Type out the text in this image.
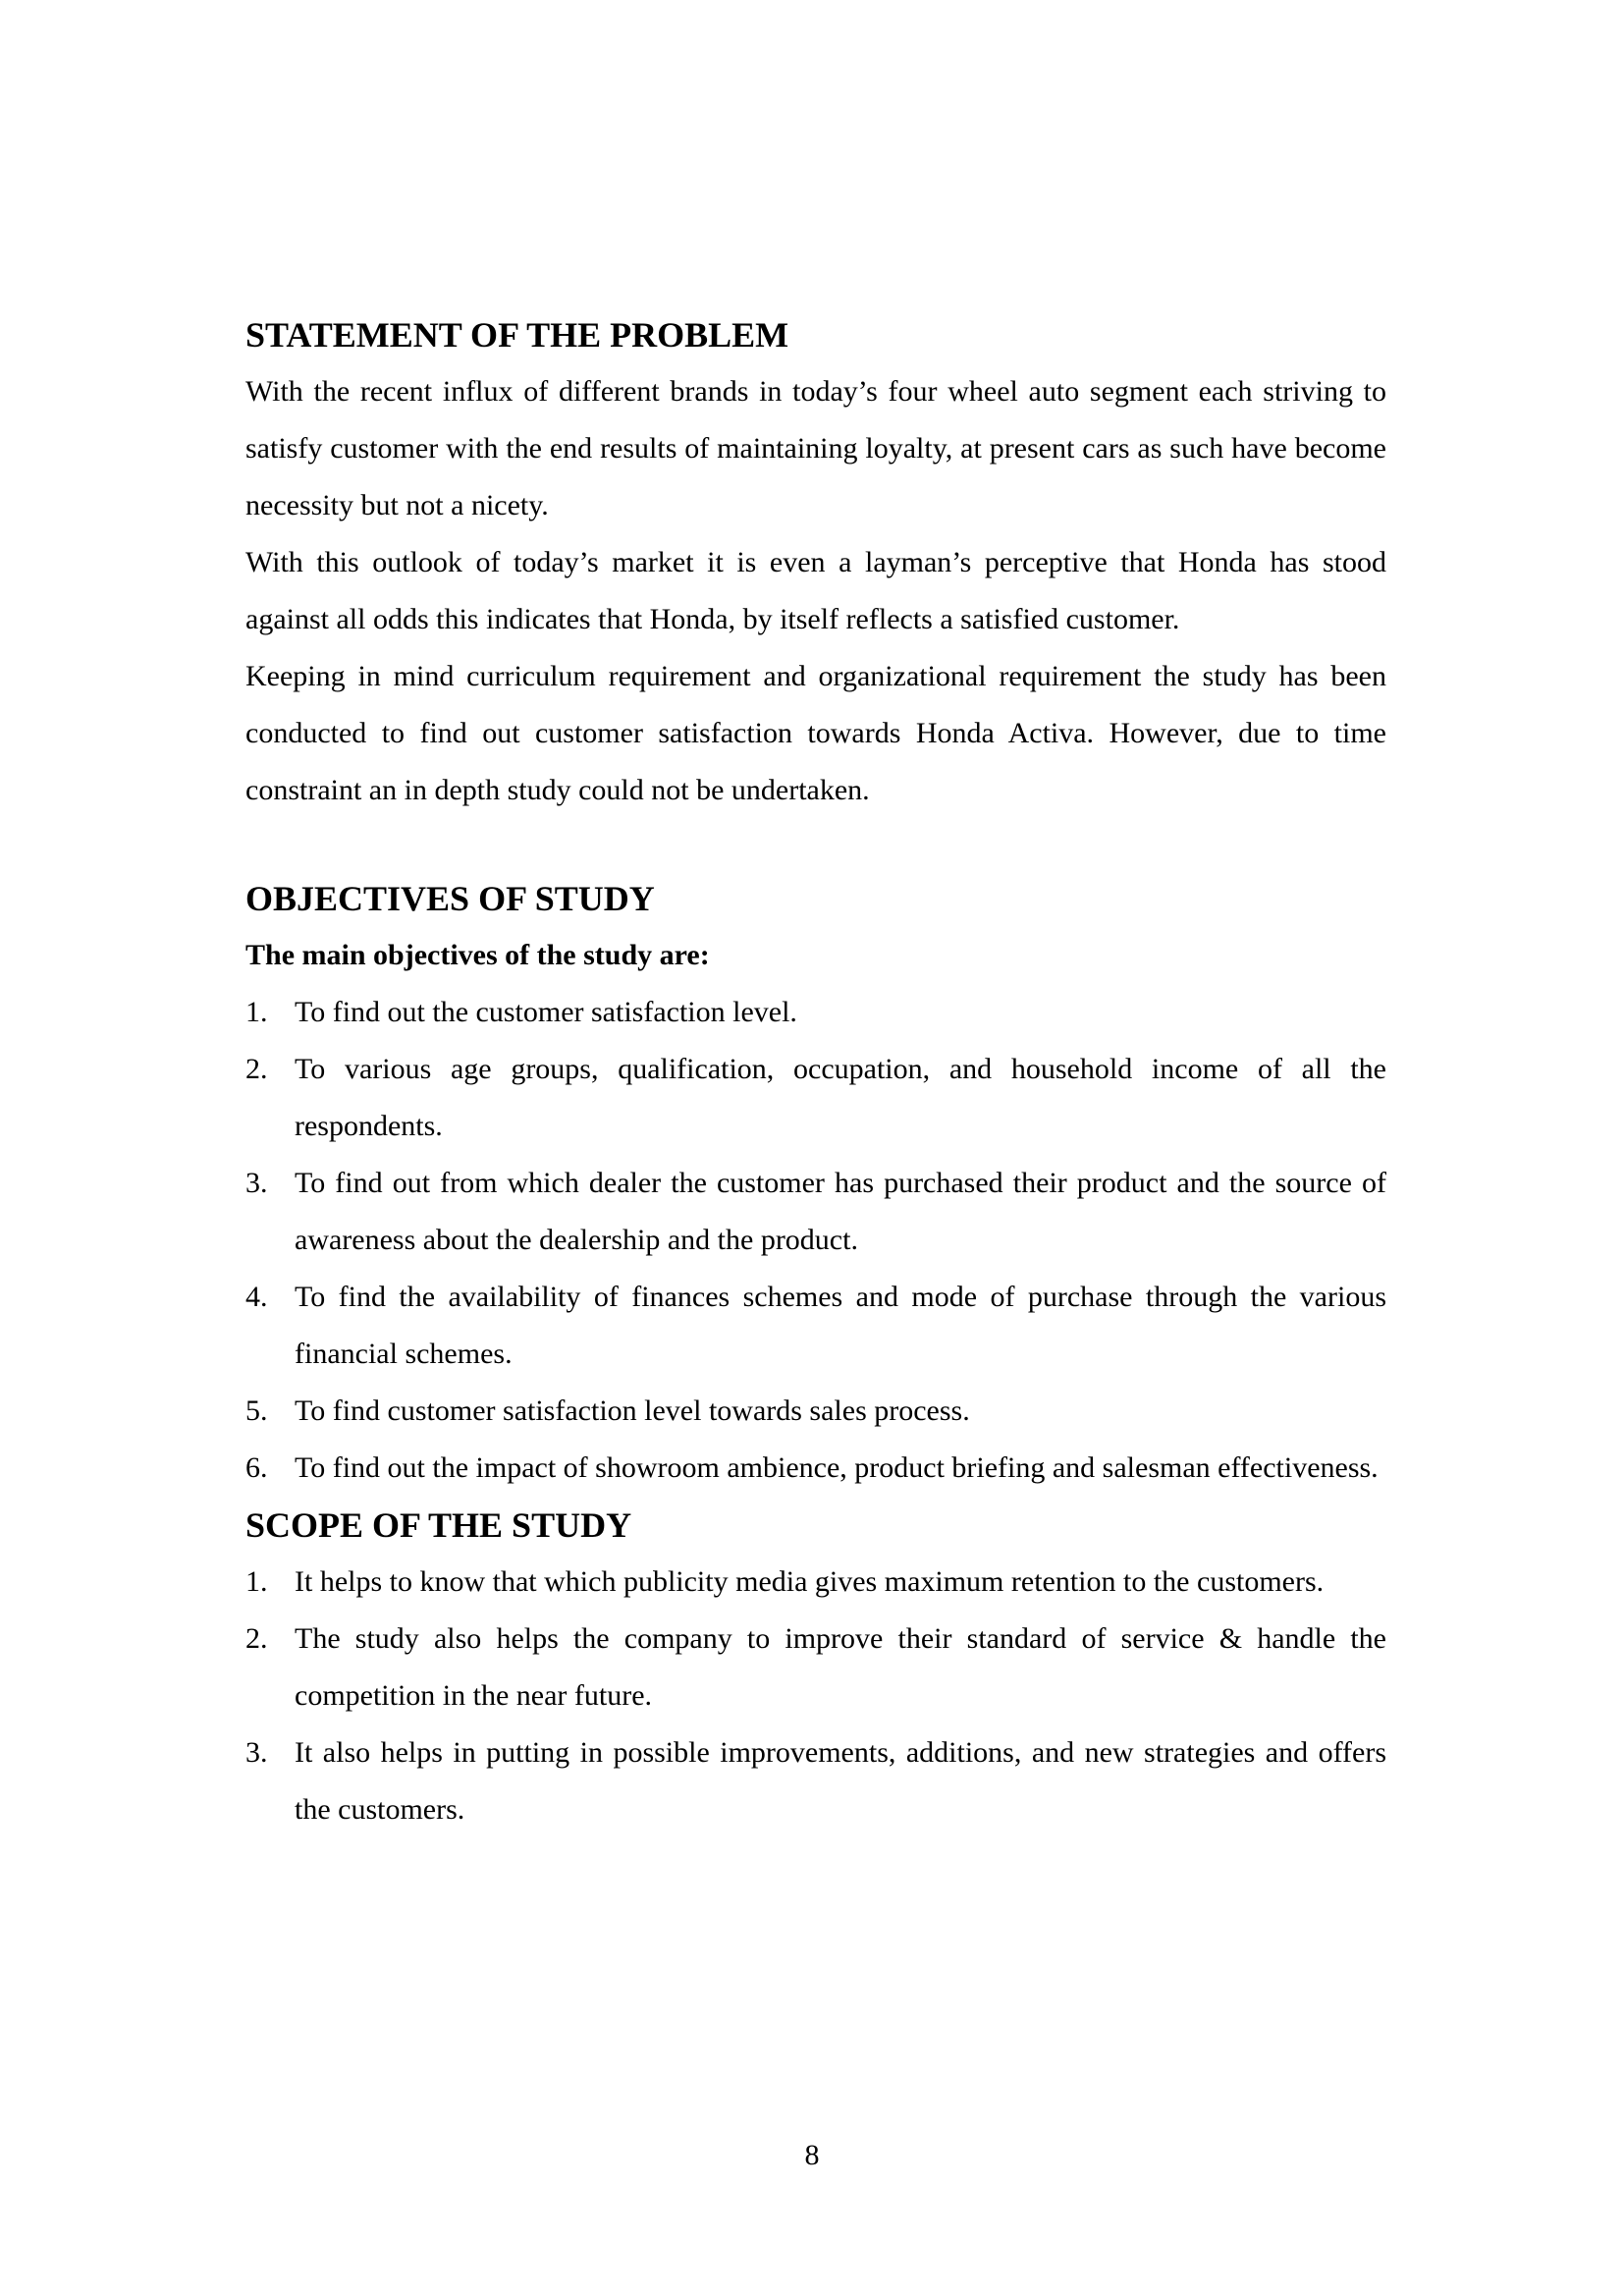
STATEMENT OF THE PROBLEM

With the recent influx of different brands in today’s four wheel auto segment each striving to satisfy customer with the end results of maintaining loyalty, at present cars as such have become necessity but not a nicety.

With this outlook of today’s market it is even a layman’s perceptive that Honda has stood against all odds this indicates that Honda, by itself reflects a satisfied customer.

Keeping in mind curriculum requirement and organizational requirement the study has been conducted to find out customer satisfaction towards Honda Activa. However, due to time constraint an in depth study could not be undertaken.

OBJECTIVES OF STUDY

The main objectives of the study are:

1. To find out the customer satisfaction level.
2. To various age groups, qualification, occupation, and household income of all the respondents.
3. To find out from which dealer the customer has purchased their product and the source of awareness about the dealership and the product.
4. To find the availability of finances schemes and mode of purchase through the various financial schemes.
5. To find customer satisfaction level towards sales process.
6. To find out the impact of showroom ambience, product briefing and salesman effectiveness.
SCOPE OF THE STUDY
1. It helps to know that which publicity media gives maximum retention to the customers.
2. The study also helps the company to improve their standard of service & handle the competition in the near future.
3. It also helps in putting in possible improvements, additions, and new strategies and offers the customers.
8
